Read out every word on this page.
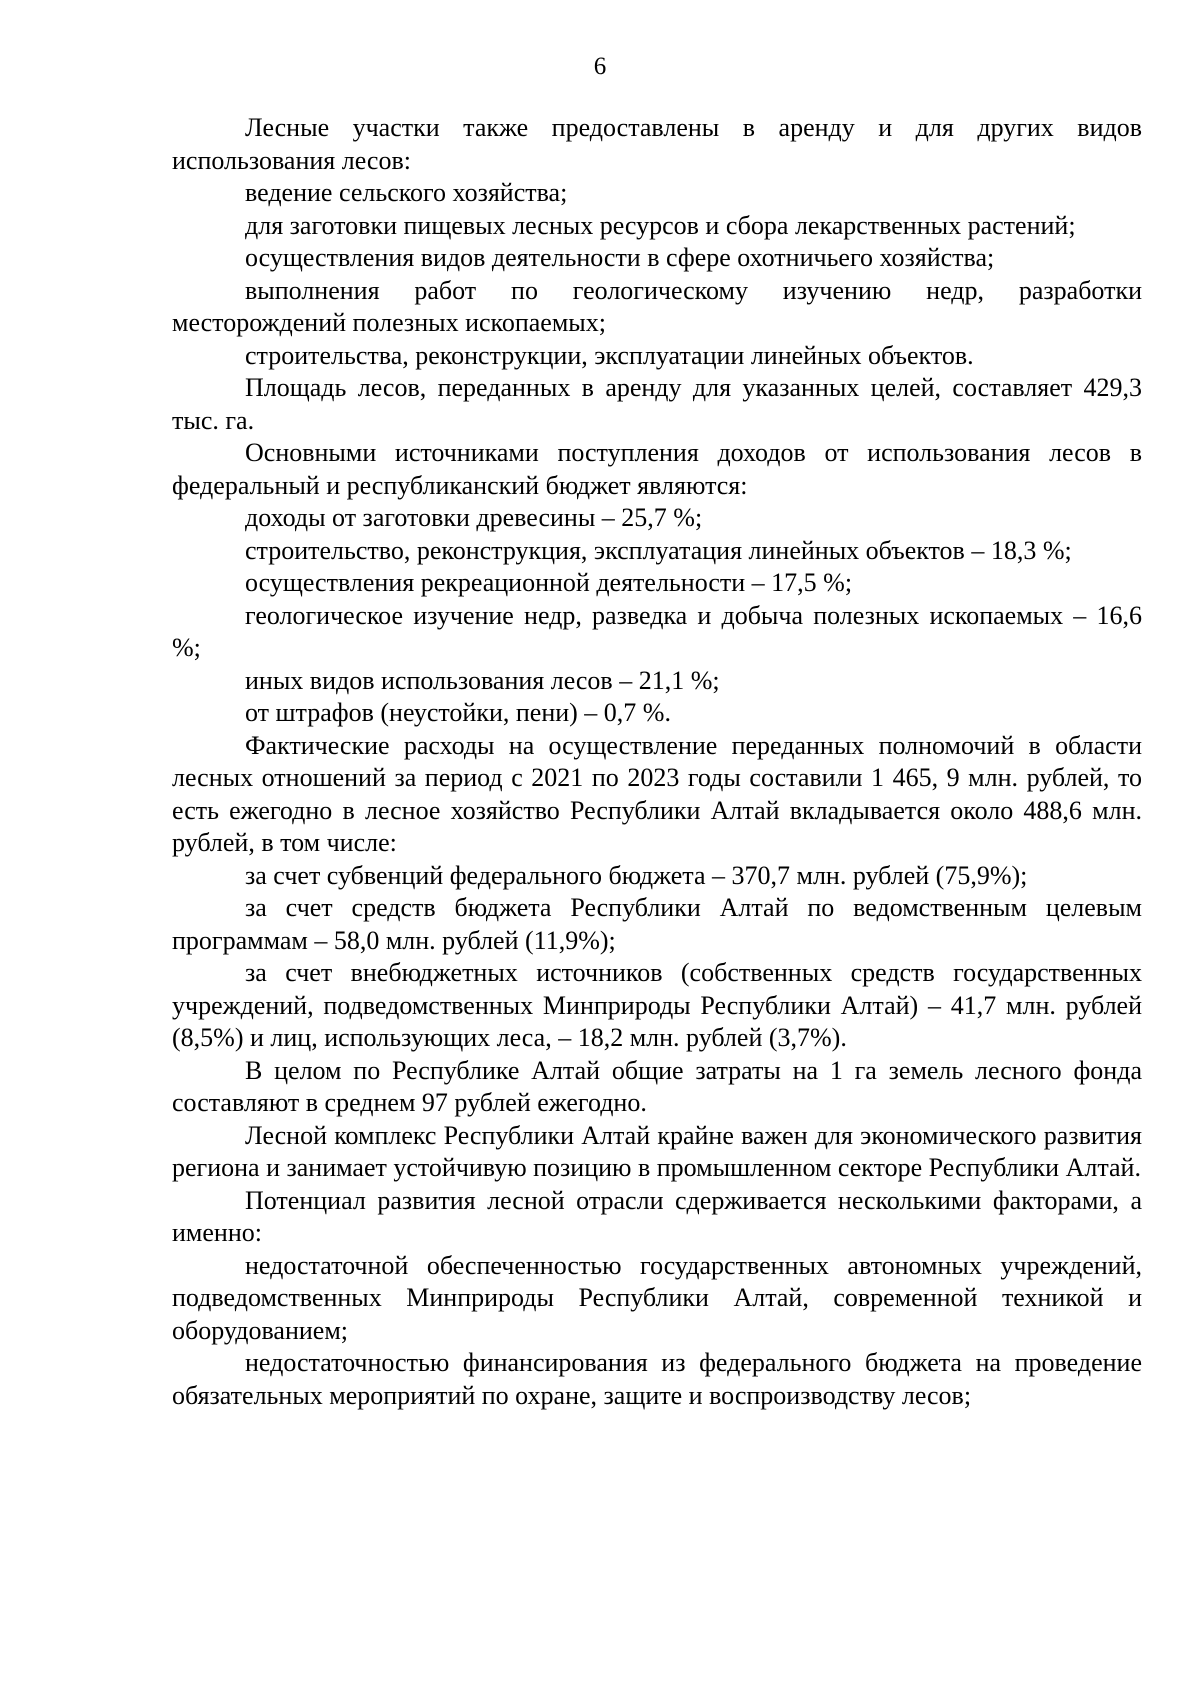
6

Лесные участки также предоставлены в аренду и для других видов использования лесов:

ведение сельского хозяйства;

для заготовки пищевых лесных ресурсов и сбора лекарственных растений;

осуществления видов деятельности в сфере охотничьего хозяйства;

выполнения работ по геологическому изучению недр, разработки месторождений полезных ископаемых;

строительства, реконструкции, эксплуатации линейных объектов.

Площадь лесов, переданных в аренду для указанных целей, составляет 429,3 тыс. га.

Основными источниками поступления доходов от использования лесов в федеральный и республиканский бюджет являются:

доходы от заготовки древесины – 25,7 %;

строительство, реконструкция, эксплуатация линейных объектов – 18,3 %;

осуществления рекреационной деятельности – 17,5 %;

геологическое изучение недр, разведка и добыча полезных ископаемых – 16,6 %;

иных видов использования лесов – 21,1 %;

от штрафов (неустойки, пени) – 0,7 %.

Фактические расходы на осуществление переданных полномочий в области лесных отношений за период с 2021 по 2023 годы составили 1 465, 9 млн. рублей, то есть ежегодно в лесное хозяйство Республики Алтай вкладывается около 488,6 млн. рублей, в том числе:

за счет субвенций федерального бюджета – 370,7 млн. рублей (75,9%);

за счет средств бюджета Республики Алтай по ведомственным целевым программам – 58,0 млн. рублей (11,9%);

за счет внебюджетных источников (собственных средств государственных учреждений, подведомственных Минприроды Республики Алтай) – 41,7 млн. рублей (8,5%) и лиц, использующих леса, – 18,2 млн. рублей (3,7%).

В целом по Республике Алтай общие затраты на 1 га земель лесного фонда составляют в среднем 97 рублей ежегодно.

Лесной комплекс Республики Алтай крайне важен для экономического развития региона и занимает устойчивую позицию в промышленном секторе Республики Алтай.

Потенциал развития лесной отрасли сдерживается несколькими факторами, а именно:

недостаточной обеспеченностью государственных автономных учреждений, подведомственных Минприроды Республики Алтай, современной техникой и оборудованием;

недостаточностью финансирования из федерального бюджета на проведение обязательных мероприятий по охране, защите и воспроизводству лесов;
